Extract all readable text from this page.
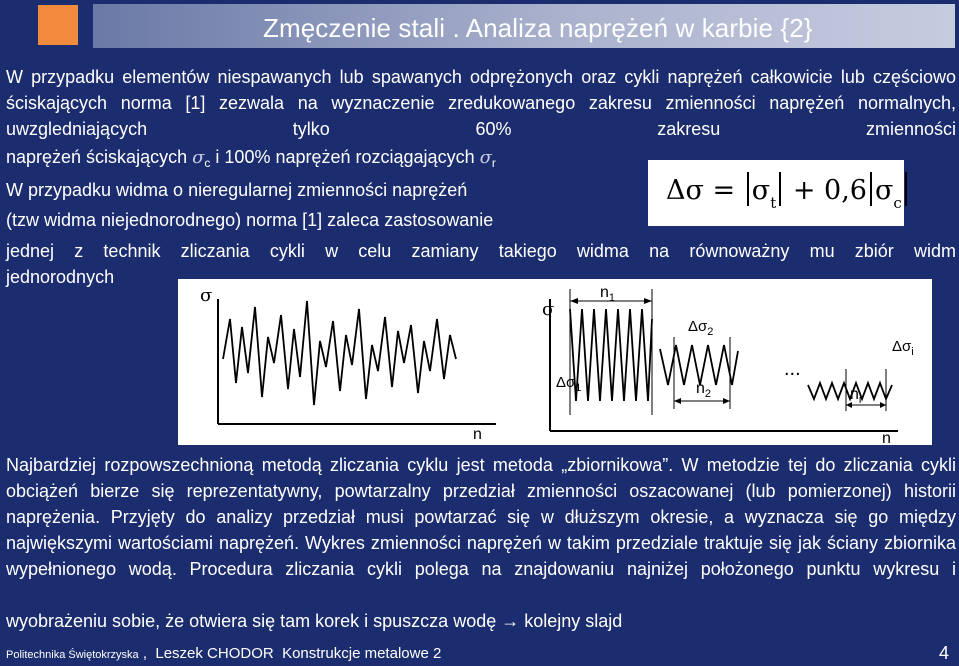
Zmęczenie stali . Analiza naprężeń w karbie {2}

W przypadku elementów niespawanych lub spawanych odprężonych oraz cykli naprężeń całkowicie lub częściowo ściskających norma [1] zezwala na wyznaczenie zredukowanego zakresu zmienności naprężeń normalnych, uwzgledniających tylko 60% zakresu zmienności

naprężeń ściskających $\sigma_c$ i 100% naprężeń rozciągających $\sigma_r$
W przypadku widma o nieregularnej zmienności naprężeń
(tzw widma niejednorodnego) norma [1] zaleca zastosowanie
$\Delta\sigma = \sigma_t + 0,6$ $\sigma_c$
jednej z technik zliczania cykli w celu zamiany takiego widma na równoważny mu zbiór widm
jednorodnych
σ
n
σ
n
$n_1$
$\Delta\sigma_1$
$\Delta\sigma_2$
$n_2$
...
$\Delta\sigma_i$
$n_i$

Najbardziej rozpowszechnioną metodą zliczania cyklu jest metoda „zbiornikowa”. W metodzie tej do zliczania cykli obciążeń bierze się reprezentatywny, powtarzalny przedział zmienności oszacowanej (lub pomierzonej) historii naprężenia. Przyjęty do analizy przedział musi powtarzać się w dłuższym okresie, a wyznacza się go między największymi wartościami naprężeń. Wykres zmienności naprężeń w takim przedziale traktuje się jak ściany zbiornika wypełnionego wodą. Procedura zliczania cykli polega na znajdowaniu najniżej położonego punktu wykresu i

wyobrażeniu sobie, że otwiera się tam korek i spuszcza wodę → kolejny slajd
Politechnika Świętokrzyska , Leszek CHODOR Konstrukcje metalowe 2	4
